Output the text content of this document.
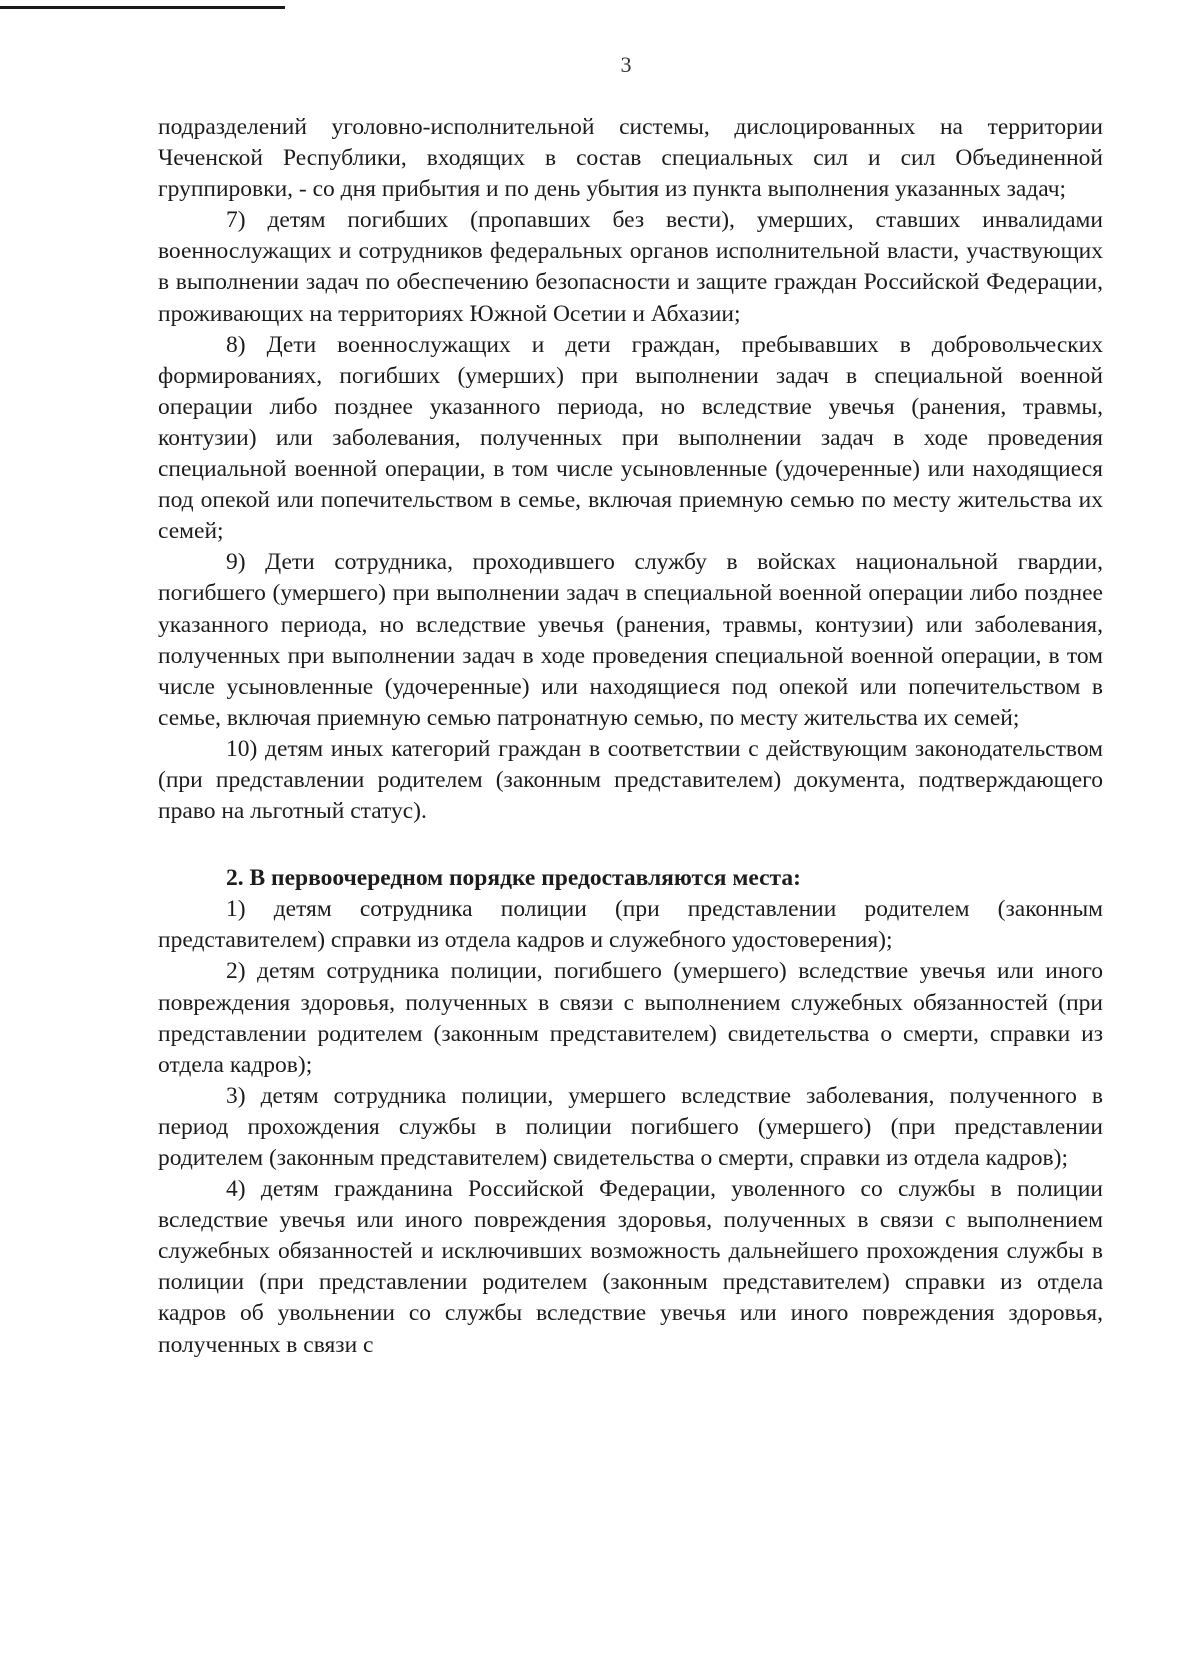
3

подразделений уголовно-исполнительной системы, дислоцированных на территории Чеченской Республики, входящих в состав специальных сил и сил Объединенной группировки, - со дня прибытия и по день убытия из пункта выполнения указанных задач;

7) детям погибших (пропавших без вести), умерших, ставших инвалидами военнослужащих и сотрудников федеральных органов исполнительной власти, участвующих в выполнении задач по обеспечению безопасности и защите граждан Российской Федерации, проживающих на территориях Южной Осетии и Абхазии;

8) Дети военнослужащих и дети граждан, пребывавших в добровольческих формированиях, погибших (умерших) при выполнении задач в специальной военной операции либо позднее указанного периода, но вследствие увечья (ранения, травмы, контузии) или заболевания, полученных при выполнении задач в ходе проведения специальной военной операции, в том числе усыновленные (удочеренные) или находящиеся под опекой или попечительством в семье, включая приемную семью по месту жительства их семей;

9) Дети сотрудника, проходившего службу в войсках национальной гвардии, погибшего (умершего) при выполнении задач в специальной военной операции либо позднее указанного периода, но вследствие увечья (ранения, травмы, контузии) или заболевания, полученных при выполнении задач в ходе проведения специальной военной операции, в том числе усыновленные (удочеренные) или находящиеся под опекой или попечительством в семье, включая приемную семью патронатную семью, по месту жительства их семей;

10) детям иных категорий граждан в соответствии с действующим законодательством (при представлении родителем (законным представителем) документа, подтверждающего право на льготный статус).

2. В первоочередном порядке предоставляются места:

1) детям сотрудника полиции (при представлении родителем (законным представителем) справки из отдела кадров и служебного удостоверения);

2) детям сотрудника полиции, погибшего (умершего) вследствие увечья или иного повреждения здоровья, полученных в связи с выполнением служебных обязанностей (при представлении родителем (законным представителем) свидетельства о смерти, справки из отдела кадров);

3) детям сотрудника полиции, умершего вследствие заболевания, полученного в период прохождения службы в полиции погибшего (умершего) (при представлении родителем (законным представителем) свидетельства о смерти, справки из отдела кадров);

4) детям гражданина Российской Федерации, уволенного со службы в полиции вследствие увечья или иного повреждения здоровья, полученных в связи с выполнением служебных обязанностей и исключивших возможность дальнейшего прохождения службы в полиции (при представлении родителем (законным представителем) справки из отдела кадров об увольнении со службы вследствие увечья или иного повреждения здоровья, полученных в связи с
